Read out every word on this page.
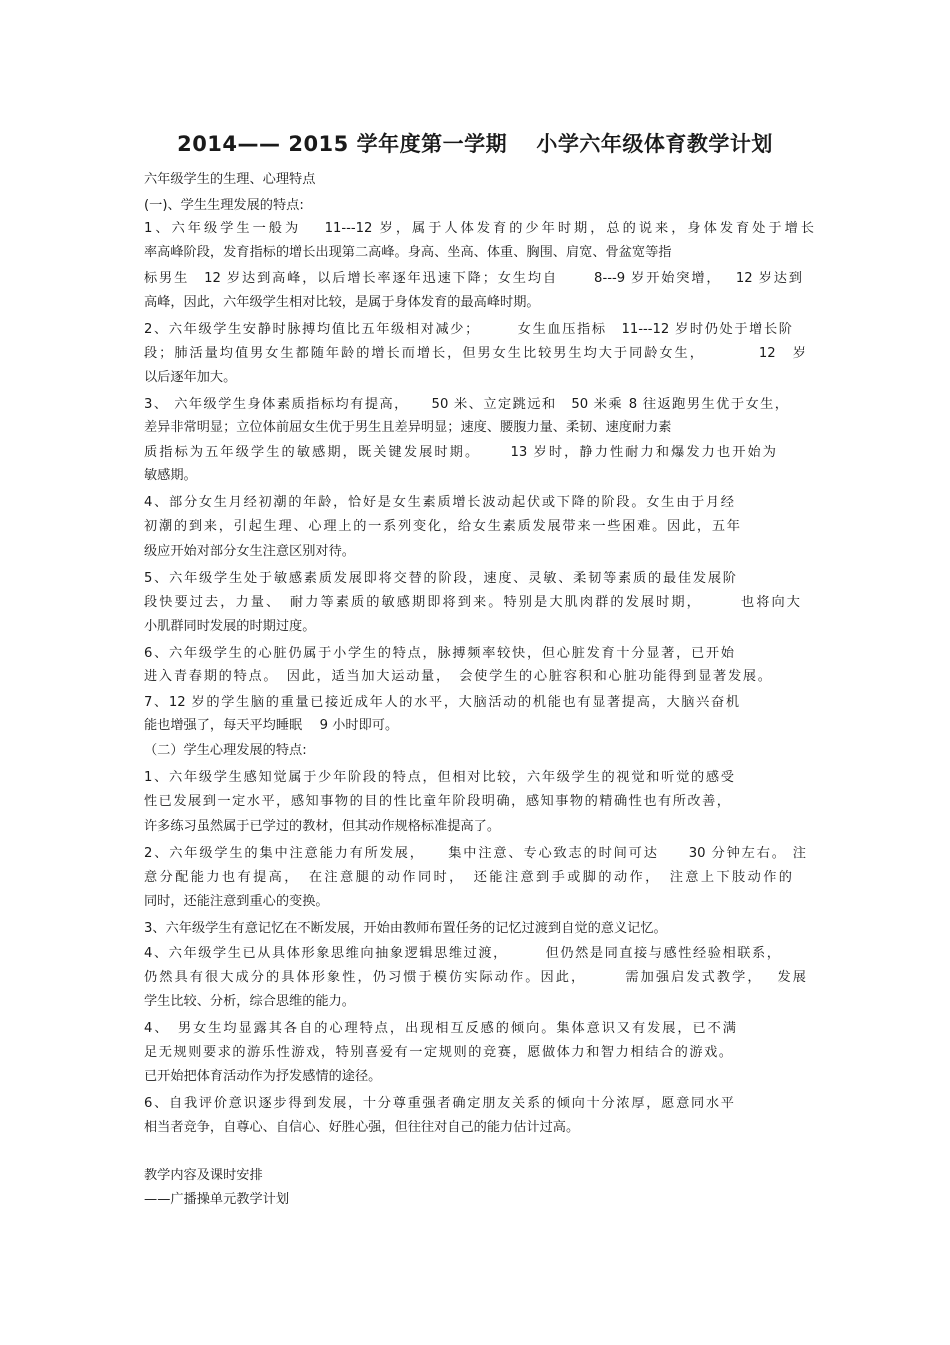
2014—— 2015 学年度第一学期　 小学六年级体育教学计划
六年级学生的生理、心理特点
(一)、学生生理发展的特点:
1、六年级学生一般为　 11---12 岁，属于人体发育的少年时期，总的说来，身体发育处于增长
率高峰阶段，发育指标的增长出现第二高峰。身高、坐高、体重、胸围、肩宽、骨盆宽等指
标男生　12 岁达到高峰，以后增长率逐年迅速下降；女生均自　　 8---9 岁开始突增，　 12 岁达到
高峰，因此，六年级学生相对比较，是属于身体发育的最高峰时期。
2、六年级学生安静时脉搏均值比五年级相对减少；　　　女生血压指标　11---12 岁时仍处于增长阶
段；肺活量均值男女生都随年龄的增长而增长，但男女生比较男生均大于同龄女生，　　　　12　岁
以后逐年加大。
3、 六年级学生身体素质指标均有提高，　　50 米、立定跳远和　50 米乘 8 往返跑男生优于女生，
差异非常明显；立位体前屈女生优于男生且差异明显；速度、腰腹力量、柔韧、速度耐力素
质指标为五年级学生的敏感期，既关键发展时期。　　 13 岁时，静力性耐力和爆发力也开始为
敏感期。
4、部分女生月经初潮的年龄，恰好是女生素质增长波动起伏或下降的阶段。女生由于月经
初潮的到来，引起生理、心理上的一系列变化，给女生素质发展带来一些困难。因此，五年
级应开始对部分女生注意区别对待。
5、六年级学生处于敏感素质发展即将交替的阶段，速度、灵敏、柔韧等素质的最佳发展阶
段快要过去，力量、　耐力等素质的敏感期即将到来。特别是大肌肉群的发展时期，　　　也将向大
小肌群同时发展的时期过度。
6、六年级学生的心脏仍属于小学生的特点，脉搏频率较快，但心脏发育十分显著，已开始
进入青春期的特点。　因此，适当加大运动量，　会使学生的心脏容积和心脏功能得到显著发展。
7、12 岁的学生脑的重量已接近成年人的水平，大脑活动的机能也有显著提高，大脑兴奋机
能也增强了，每天平均睡眠　 9 小时即可。
（二）学生心理发展的特点:
1、六年级学生感知觉属于少年阶段的特点，但相对比较，六年级学生的视觉和听觉的感受
性已发展到一定水平，感知事物的目的性比童年阶段明确，感知事物的精确性也有所改善，
许多练习虽然属于已学过的教材，但其动作规格标准提高了。
2、六年级学生的集中注意能力有所发展，　　集中注意、专心致志的时间可达　　30 分钟左右。 注
意分配能力也有提高，　在注意腿的动作同时，　还能注意到手或脚的动作，　注意上下肢动作的
同时，还能注意到重心的变换。
3、六年级学生有意记忆在不断发展，开始由教师布置任务的记忆过渡到自觉的意义记忆。
4、六年级学生已从具体形象思维向抽象逻辑思维过渡，　　　但仍然是同直接与感性经验相联系，
仍然具有很大成分的具体形象性，仍习惯于模仿实际动作。因此，　　　需加强启发式教学，　 发展
学生比较、分析，综合思维的能力。
4、　男女生均显露其各自的心理特点，出现相互反感的倾向。集体意识又有发展，已不满
足无规则要求的游乐性游戏，特别喜爱有一定规则的竞赛，愿做体力和智力相结合的游戏。
已开始把体育活动作为抒发感情的途径。
6、自我评价意识逐步得到发展，十分尊重强者确定朋友关系的倾向十分浓厚，愿意同水平
相当者竞争，自尊心、自信心、好胜心强，但往往对自己的能力估计过高。
教学内容及课时安排
——广播操单元教学计划
